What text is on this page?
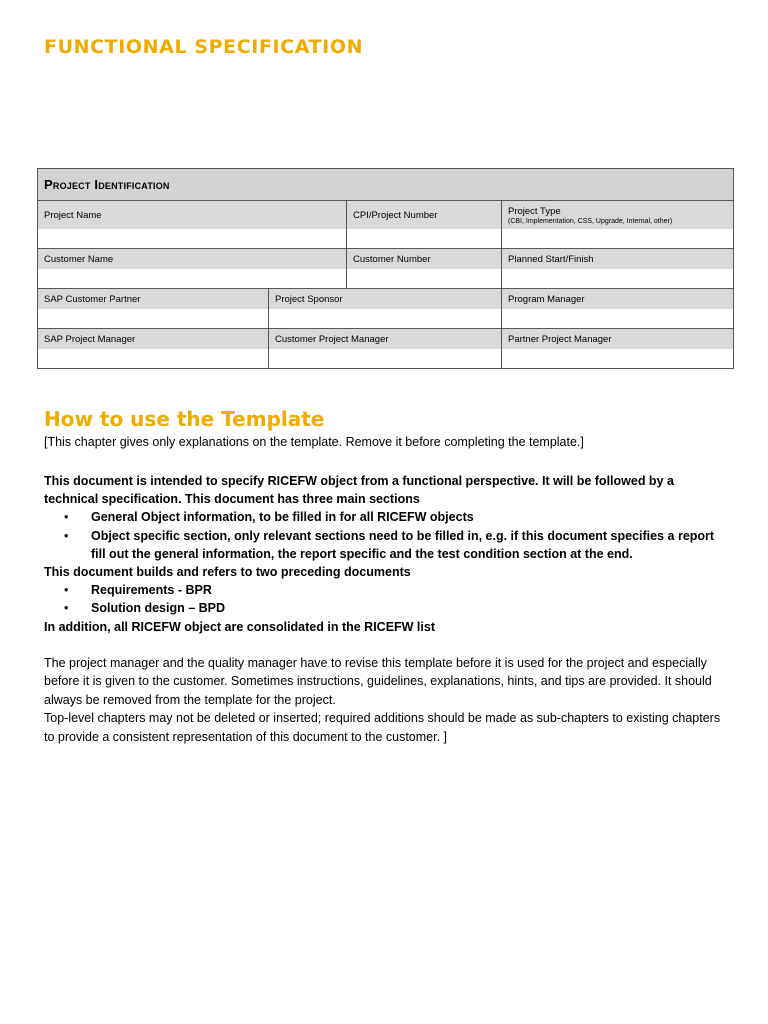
FUNCTIONAL SPECIFICATION
Project Identification			
Project Name		CPI/Project Number	Project Type
(CBI, Implementation, CSS, Upgrade, Internal, other)

Customer Name		Customer Number	Planned Start/Finish

SAP Customer Partner	Project Sponsor		Program Manager

SAP Project Manager	Customer Project Manager		Partner Project Manager

How to use the Template

[This chapter gives only explanations on the template. Remove it before completing the template.]

This document is intended to specify RICEFW object from a functional perspective. It will be followed by a technical specification. This document has three main sections

• General Object information, to be filled in for all RICEFW objects
• Object specific section, only relevant sections need to be filled in, e.g. if this document specifies a report fill out the general information, the report specific and the test condition section at the end.

This document builds and refers to two preceding documents

• Requirements - BPR
• Solution design – BPD

In addition, all RICEFW object are consolidated in the RICEFW list

The project manager and the quality manager have to revise this template before it is used for the project and especially before it is given to the customer. Sometimes instructions, guidelines, explanations, hints, and tips are provided. It should always be removed from the template for the project.

Top-level chapters may not be deleted or inserted; required additions should be made as sub-chapters to existing chapters to provide a consistent representation of this document to the customer. ]
